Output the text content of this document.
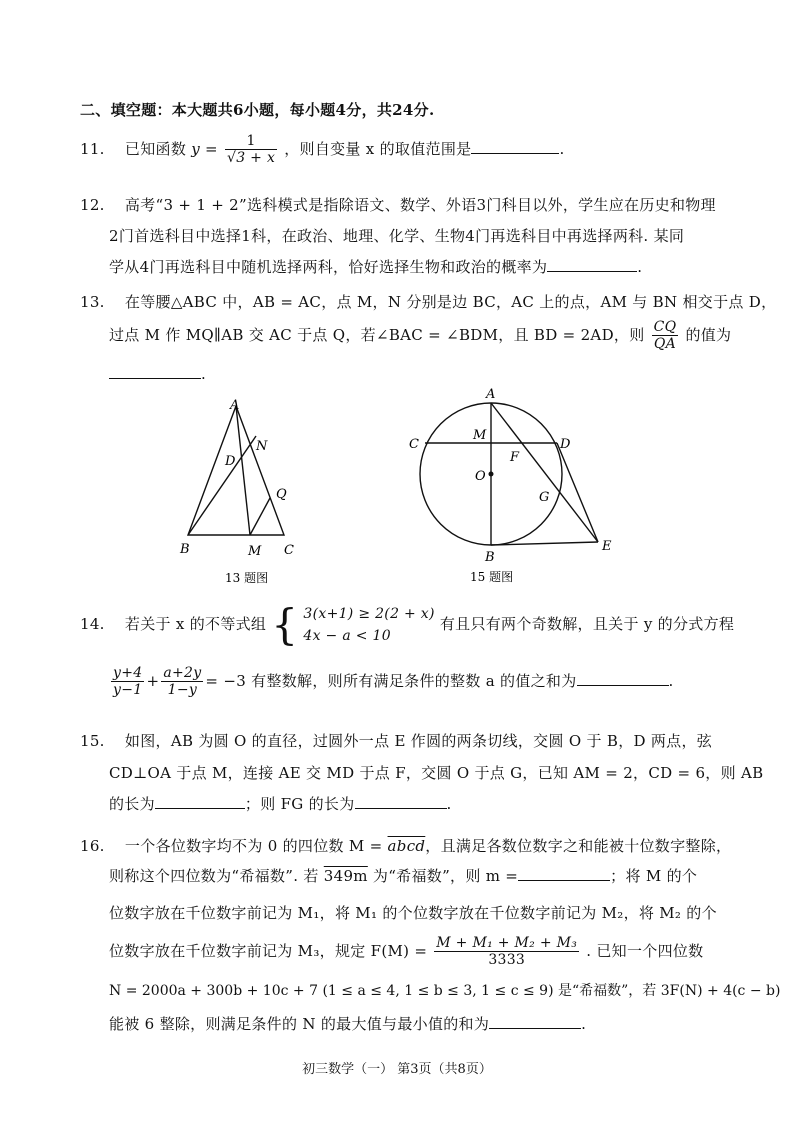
二、填空题：本大题共6小题，每小题4分，共24分.
11. 已知函数 $y = \frac{1}{√3 + x}$ ，则自变量 x 的取值范围是	.
12. 高考“3 + 1 + 2”选科模式是指除语文、数学、外语3门科目以外，学生应在历史和物理
2门首选科目中选择1科，在政治、地理、化学、生物4门再选科目中再选择两科. 某同
学从4门再选科目中随机选择两科，恰好选择生物和政治的概率为	.
13. 在等腰△ABC 中，AB = AC，点 M，N 分别是边 BC，AC 上的点，AM 与 BN 相交于点 D，
过点 M 作 MQ∥AB 交 AC 于点 Q，若∠BAC = ∠BDM，且 BD = 2AD，则 $\frac{CQ}{QA}$ 的值为
.
A
N
D
Q
B	M C
13 题图
A
C
M
D
F
O
G
B
E
15 题图
14. 若关于 x 的不等式组 { 3(x+1) ≥ 2(2 + x)
4x − a < 10
有且只有两个奇数解，且关于 y 的分式方程
$\frac{y+4}{y-1} + \frac{a+2y}{1-y} = -3$ 有整数解，则所有满足条件的整数 a 的值之和为	.
15. 如图，AB 为圆 O 的直径，过圆外一点 E 作圆的两条切线，交圆 O 于 B，D 两点，弦
CD⊥OA 于点 M，连接 AE 交 MD 于点 F，交圆 O 于点 G，已知 AM = 2，CD = 6，则 AB
的长为	；则 FG 的长为	.
16. 一个各位数字均不为 0 的四位数 M = abcd，且满足各数位数字之和能被十位数字整除，
则称这个四位数为“希福数”. 若 349m 为“希福数”，则 m =	；将 M 的个
位数字放在千位数字前记为 M₁，将 M₁ 的个位数字放在千位数字前记为 M₂，将 M₂ 的个
位数字放在千位数字前记为 M₃，规定 $F(M) = \frac{\text{M + M₁ + M₂ + M₃}}{3333}$ . 已知一个四位数
N = 2000a + 300b + 10c + 7 (1 ≤ a ≤ 4, 1 ≤ b ≤ 3, 1 ≤ c ≤ 9) 是“希福数”，若 3F(N) + 4(c − b)
能被 6 整除，则满足条件的 N 的最大值与最小值的和为	.
初三数学（一） 第3页（共8页）
